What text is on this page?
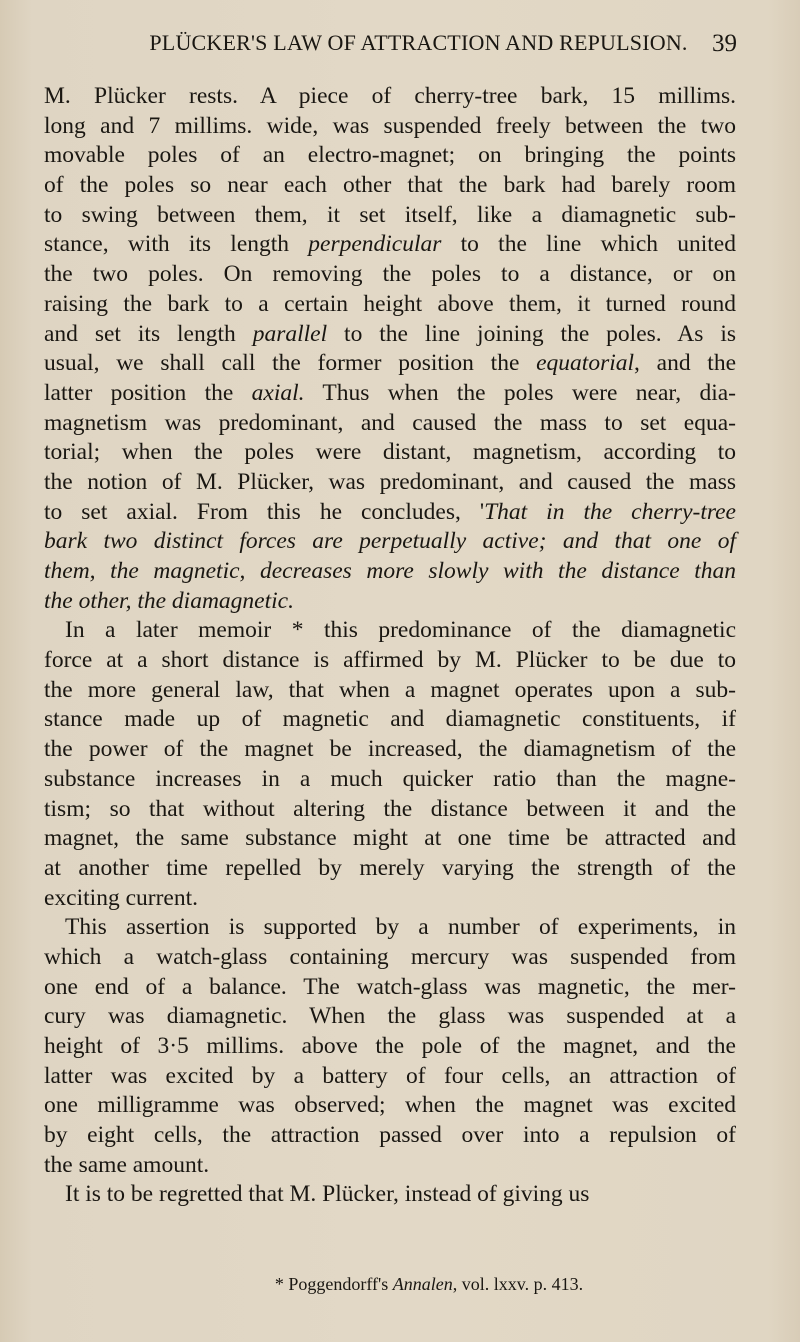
PLÜCKER'S LAW OF ATTRACTION AND REPULSION. 39
M. Plücker rests. A piece of cherry-tree bark, 15 millims.
long and 7 millims. wide, was suspended freely between the two
movable poles of an electro-magnet; on bringing the points
of the poles so near each other that the bark had barely room
to swing between them, it set itself, like a diamagnetic sub-
stance, with its length perpendicular to the line which united
the two poles. On removing the poles to a distance, or on
raising the bark to a certain height above them, it turned round
and set its length parallel to the line joining the poles. As is
usual, we shall call the former position the equatorial, and the
latter position the axial. Thus when the poles were near, dia-
magnetism was predominant, and caused the mass to set equa-
torial; when the poles were distant, magnetism, according to
the notion of M. Plücker, was predominant, and caused the mass
to set axial. From this he concludes, 'That in the cherry-tree
bark two distinct forces are perpetually active; and that one of
them, the magnetic, decreases more slowly with the distance than
the other, the diamagnetic.
In a later memoir * this predominance of the diamagnetic
force at a short distance is affirmed by M. Plücker to be due to
the more general law, that when a magnet operates upon a sub-
stance made up of magnetic and diamagnetic constituents, if
the power of the magnet be increased, the diamagnetism of the
substance increases in a much quicker ratio than the magne-
tism; so that without altering the distance between it and the
magnet, the same substance might at one time be attracted and
at another time repelled by merely varying the strength of the
exciting current.
This assertion is supported by a number of experiments, in
which a watch-glass containing mercury was suspended from
one end of a balance. The watch-glass was magnetic, the mer-
cury was diamagnetic. When the glass was suspended at a
height of 3·5 millims. above the pole of the magnet, and the
latter was excited by a battery of four cells, an attraction of
one milligramme was observed; when the magnet was excited
by eight cells, the attraction passed over into a repulsion of
the same amount.
It is to be regretted that M. Plücker, instead of giving us
* Poggendorff's Annalen, vol. lxxv. p. 413.
